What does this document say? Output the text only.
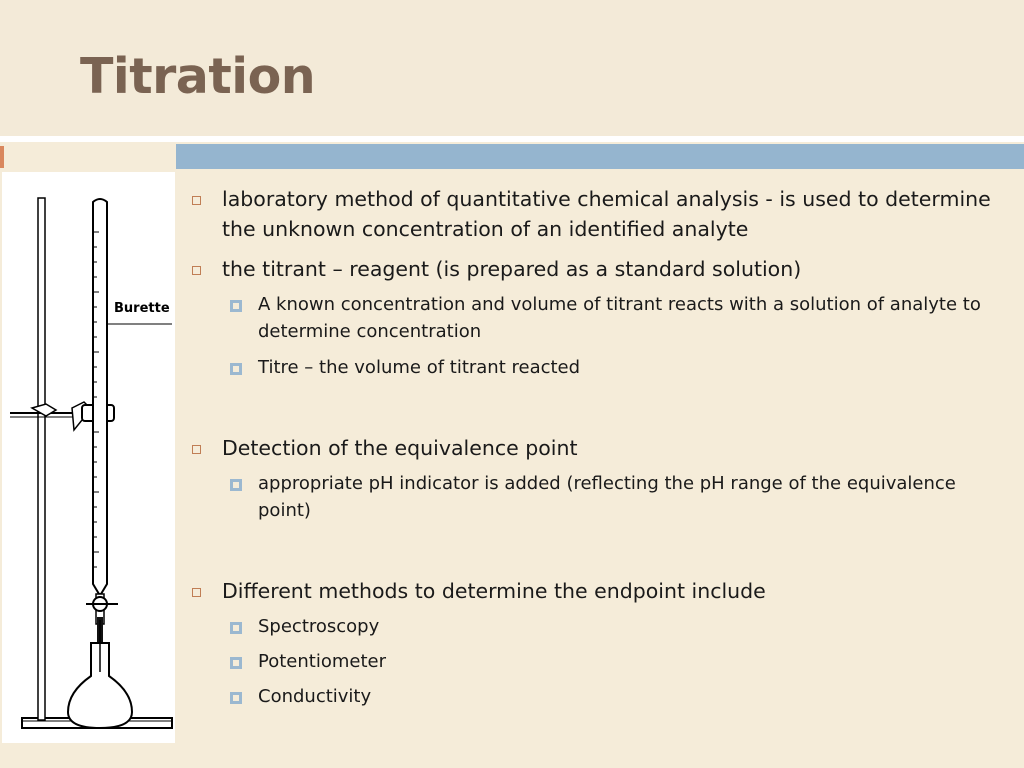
Titration
Burette
laboratory method of quantitative chemical analysis - is used to determine the unknown concentration of an identified analyte
the titrant – reagent (is prepared as a standard solution)
A known concentration and volume of titrant reacts with a solution of analyte to determine concentration
Titre – the volume of titrant reacted
Detection of the equivalence point
appropriate pH indicator is added (reflecting the pH range of the equivalence point)
Different methods to determine the endpoint include
Spectroscopy
Potentiometer
Conductivity
